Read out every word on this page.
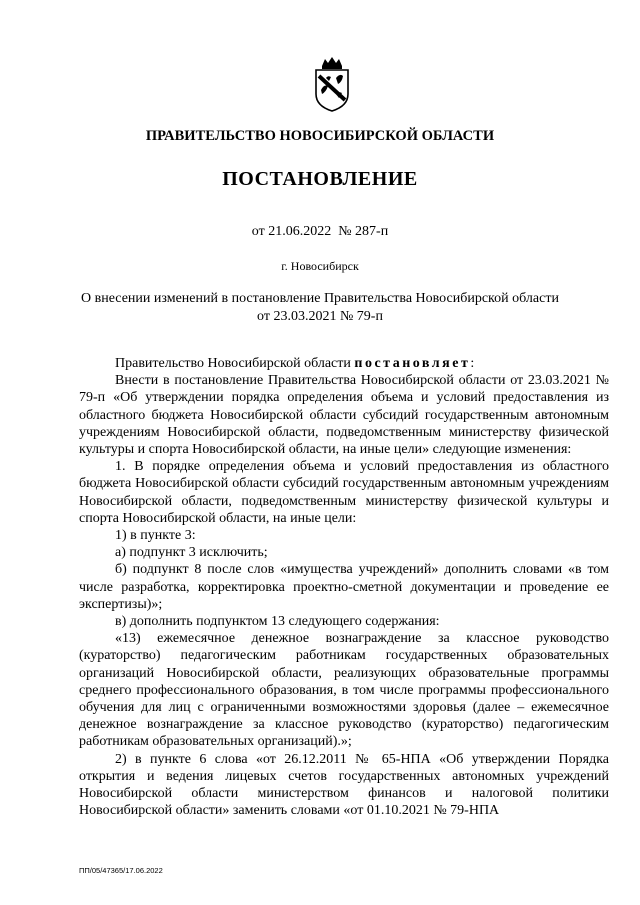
ПРАВИТЕЛЬСТВО НОВОСИБИРСКОЙ ОБЛАСТИ
ПОСТАНОВЛЕНИЕ
от 21.06.2022  № 287-п
г. Новосибирск
О внесении изменений в постановление Правительства Новосибирской области
от 23.03.2021 № 79-п

Правительство Новосибирской области постановляет:

Внести в постановление Правительства Новосибирской области от 23.03.2021 № 79-п «Об утверждении порядка определения объема и условий предоставления из областного бюджета Новосибирской области субсидий государственным автономным учреждениям Новосибирской области, подведомственным министерству физической культуры и спорта Новосибирской области, на иные цели» следующие изменения:

1. В порядке определения объема и условий предоставления из областного бюджета Новосибирской области субсидий государственным автономным учреждениям Новосибирской области, подведомственным министерству физической культуры и спорта Новосибирской области, на иные цели:

1) в пункте 3:

а) подпункт 3 исключить;

б) подпункт 8 после слов «имущества учреждений» дополнить словами «в том числе разработка, корректировка проектно-сметной документации и проведение ее экспертизы)»;

в) дополнить подпунктом 13 следующего содержания:

«13) ежемесячное денежное вознаграждение за классное руководство (кураторство) педагогическим работникам государственных образовательных организаций Новосибирской области, реализующих образовательные программы среднего профессионального образования, в том числе программы профессионального обучения для лиц с ограниченными возможностями здоровья (далее – ежемесячное денежное вознаграждение за классное руководство (кураторство) педагогическим работникам образовательных организаций).»;

2) в пункте 6 слова «от 26.12.2011 № 65-НПА «Об утверждении Порядка открытия и ведения лицевых счетов государственных автономных учреждений Новосибирской области министерством финансов и налоговой политики Новосибирской области» заменить словами «от 01.10.2021 № 79-НПА

ПП/05/47365/17.06.2022
